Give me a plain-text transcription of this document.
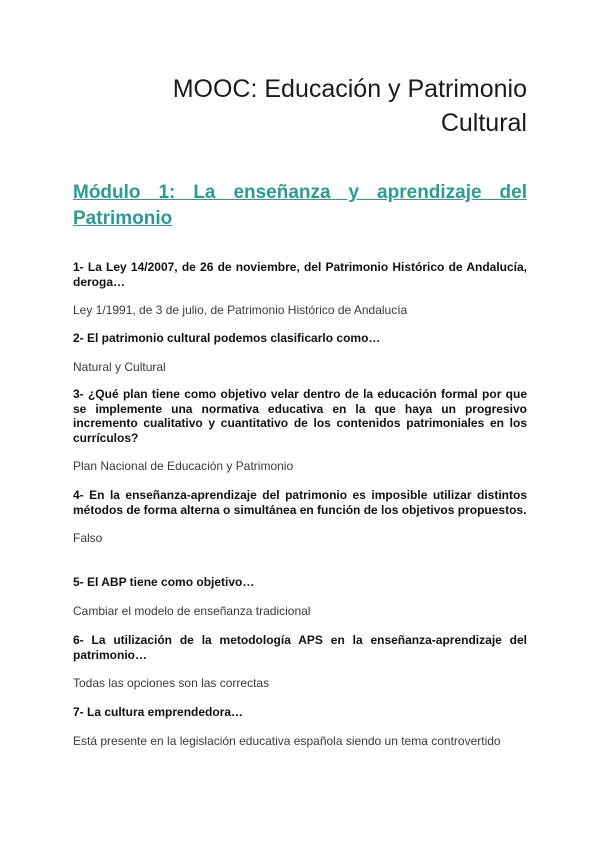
MOOC: Educación y Patrimonio
Cultural
Módulo 1: La enseñanza y aprendizaje del
Patrimonio

1- La Ley 14/2007, de 26 de noviembre, del Patrimonio Histórico de Andalucía, deroga…

Ley 1/1991, de 3 de julio, de Patrimonio Histórico de Andalucía

2- El patrimonio cultural podemos clasificarlo como…

Natural y Cultural

3- ¿Qué plan tiene como objetivo velar dentro de la educación formal por que se implemente una normativa educativa en la que haya un progresivo incremento cualitativo y cuantitativo de los contenidos patrimoniales en los currículos?

Plan Nacional de Educación y Patrimonio

4- En la enseñanza-aprendizaje del patrimonio es imposible utilizar distintos métodos de forma alterna o simultánea en función de los objetivos propuestos.

Falso

5- El ABP tiene como objetivo…

Cambiar el modelo de enseñanza tradicional

6- La utilización de la metodología APS en la enseñanza-aprendizaje del patrimonio…

Todas las opciones son las correctas

7- La cultura emprendedora…

Está presente en la legislación educativa española siendo un tema controvertido
